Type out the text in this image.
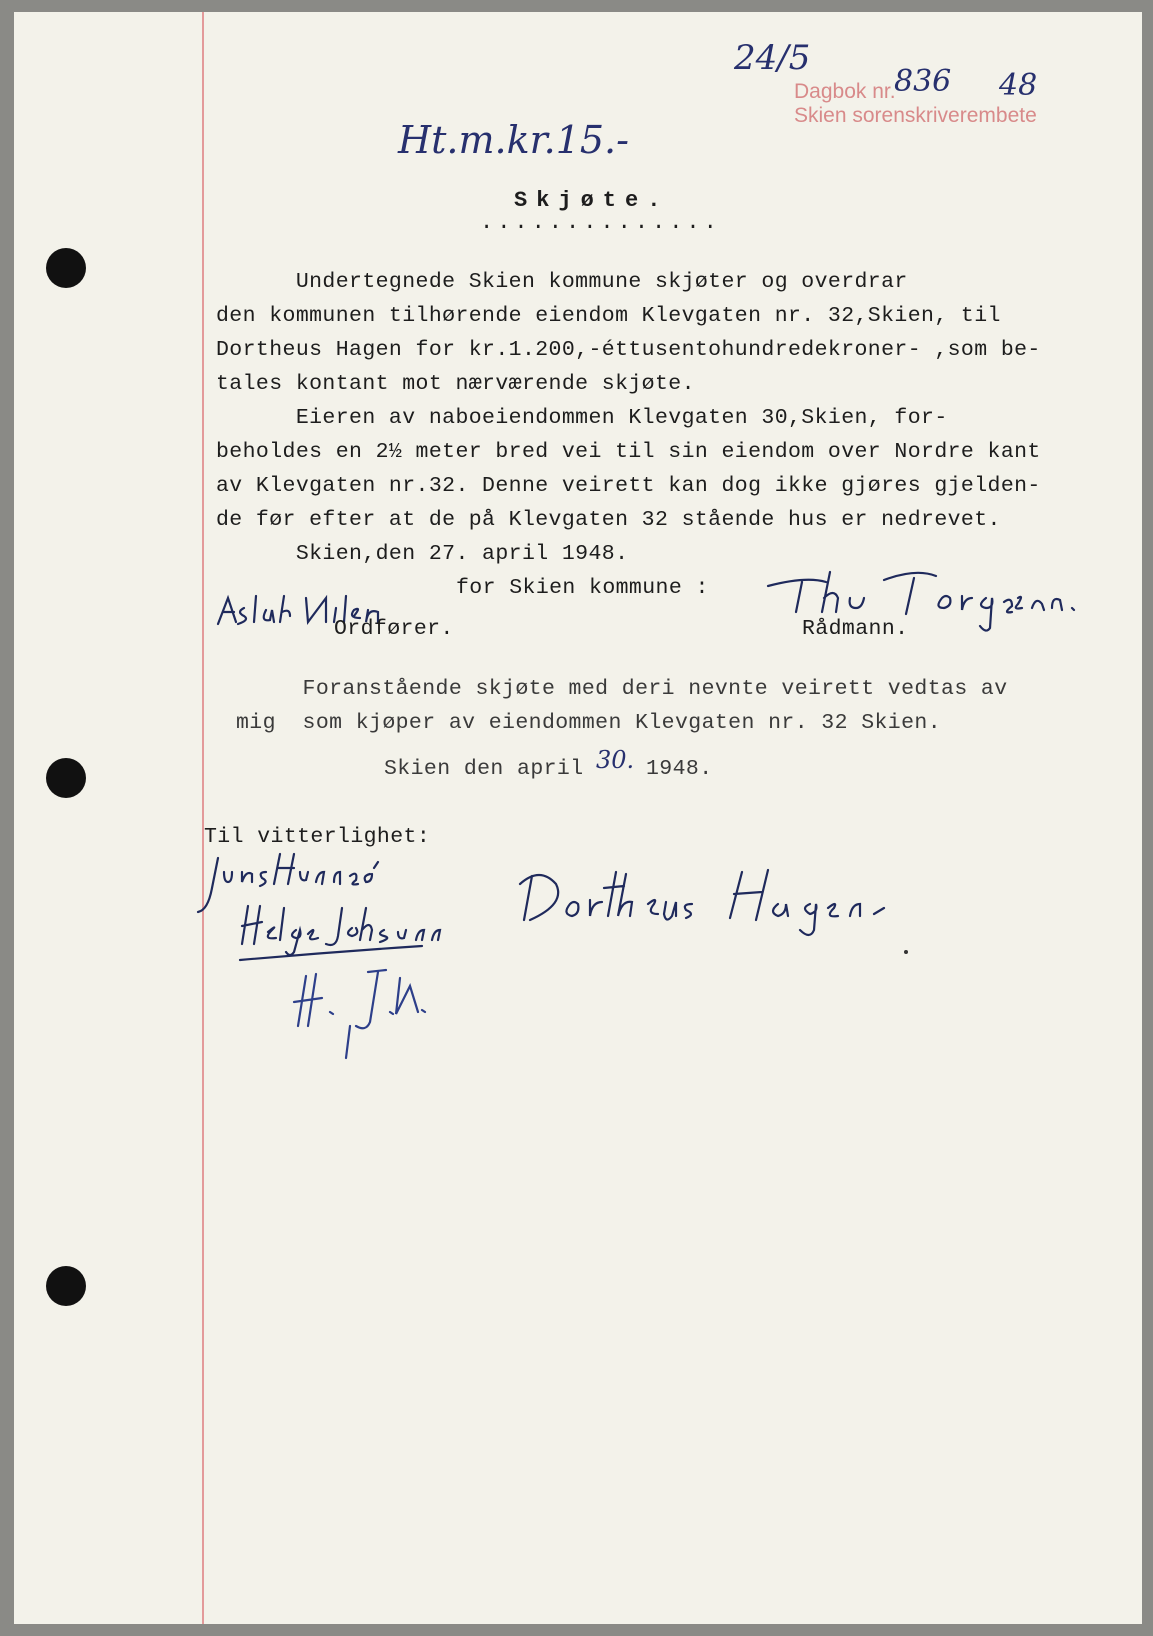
Ht.m.kr.15.-
24/5
Dagbok nr.
836 48
Skien sorenskriverembete
Skjøte.
..............
Undertegnede Skien kommune skjøter og overdrar
den kommunen tilhørende eiendom Klevgaten nr. 32,Skien, til
Dortheus Hagen for kr.1.200,-éttusentohundredekroner- ,som be-
tales kontant mot nærværende skjøte.
Eieren av naboeiendommen Klevgaten 30,Skien, for-
beholdes en 2½ meter bred vei til sin eiendom over Nordre kant
av Klevgaten nr.32. Denne veirett kan dog ikke gjøres gjelden-
de før efter at de på Klevgaten 32 stående hus er nedrevet.
Skien,den 27. april 1948.
for Skien kommune :
Ordfører.	Rådmann.
Foranstående skjøte med deri nevnte veirett vedtas av
mig  som kjøper av eiendommen Klevgaten nr. 32 Skien.
Skien den april 30. 1948.
Til vitterlighet:
